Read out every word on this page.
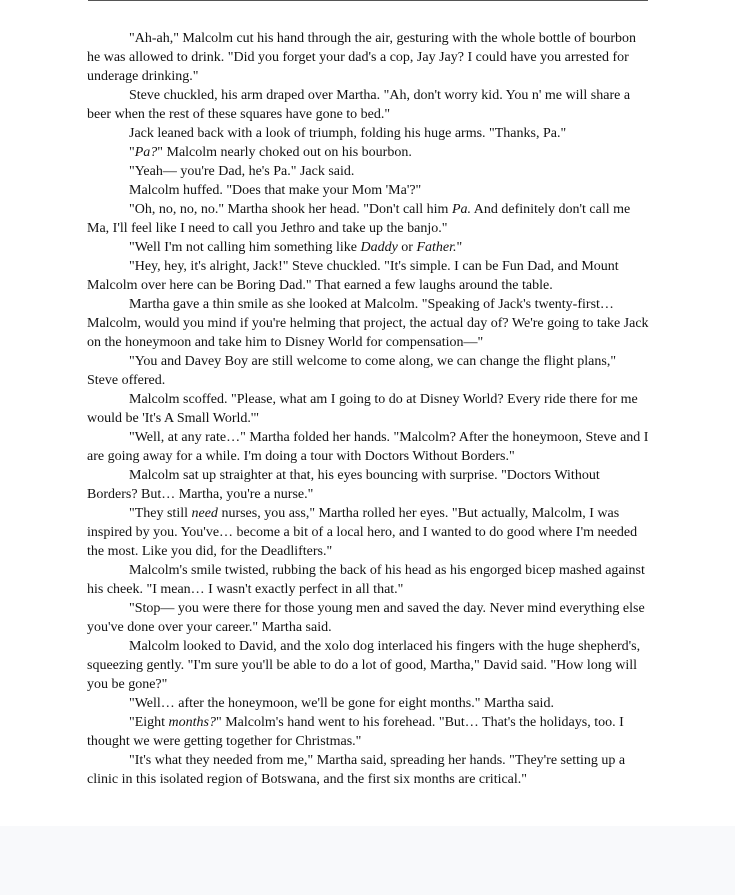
"Ah-ah," Malcolm cut his hand through the air, gesturing with the whole bottle of bourbon he was allowed to drink. "Did you forget your dad's a cop, Jay Jay? I could have you arrested for underage drinking."

Steve chuckled, his arm draped over Martha. "Ah, don't worry kid. You n' me will share a beer when the rest of these squares have gone to bed."

Jack leaned back with a look of triumph, folding his huge arms. "Thanks, Pa."

"Pa?" Malcolm nearly choked out on his bourbon.

"Yeah— you're Dad, he's Pa." Jack said.

Malcolm huffed. "Does that make your Mom 'Ma'?"

"Oh, no, no, no." Martha shook her head. "Don't call him Pa. And definitely don't call me Ma, I'll feel like I need to call you Jethro and take up the banjo."

"Well I'm not calling him something like Daddy or Father."

"Hey, hey, it's alright, Jack!" Steve chuckled. "It's simple. I can be Fun Dad, and Mount Malcolm over here can be Boring Dad." That earned a few laughs around the table.

Martha gave a thin smile as she looked at Malcolm. "Speaking of Jack's twenty-first… Malcolm, would you mind if you're helming that project, the actual day of? We're going to take Jack on the honeymoon and take him to Disney World for compensation—"

"You and Davey Boy are still welcome to come along, we can change the flight plans," Steve offered.

Malcolm scoffed. "Please, what am I going to do at Disney World? Every ride there for me would be 'It's A Small World.'"

"Well, at any rate…" Martha folded her hands. "Malcolm? After the honeymoon, Steve and I are going away for a while. I'm doing a tour with Doctors Without Borders."

Malcolm sat up straighter at that, his eyes bouncing with surprise. "Doctors Without Borders? But… Martha, you're a nurse."

"They still need nurses, you ass," Martha rolled her eyes. "But actually, Malcolm, I was inspired by you. You've… become a bit of a local hero, and I wanted to do good where I'm needed the most. Like you did, for the Deadlifters."

Malcolm's smile twisted, rubbing the back of his head as his engorged bicep mashed against his cheek. "I mean… I wasn't exactly perfect in all that."

"Stop— you were there for those young men and saved the day. Never mind everything else you've done over your career." Martha said.

Malcolm looked to David, and the xolo dog interlaced his fingers with the huge shepherd's, squeezing gently. "I'm sure you'll be able to do a lot of good, Martha," David said. "How long will you be gone?"

"Well… after the honeymoon, we'll be gone for eight months." Martha said.

"Eight months?" Malcolm's hand went to his forehead. "But… That's the holidays, too. I thought we were getting together for Christmas."

"It's what they needed from me," Martha said, spreading her hands. "They're setting up a clinic in this isolated region of Botswana, and the first six months are critical."
